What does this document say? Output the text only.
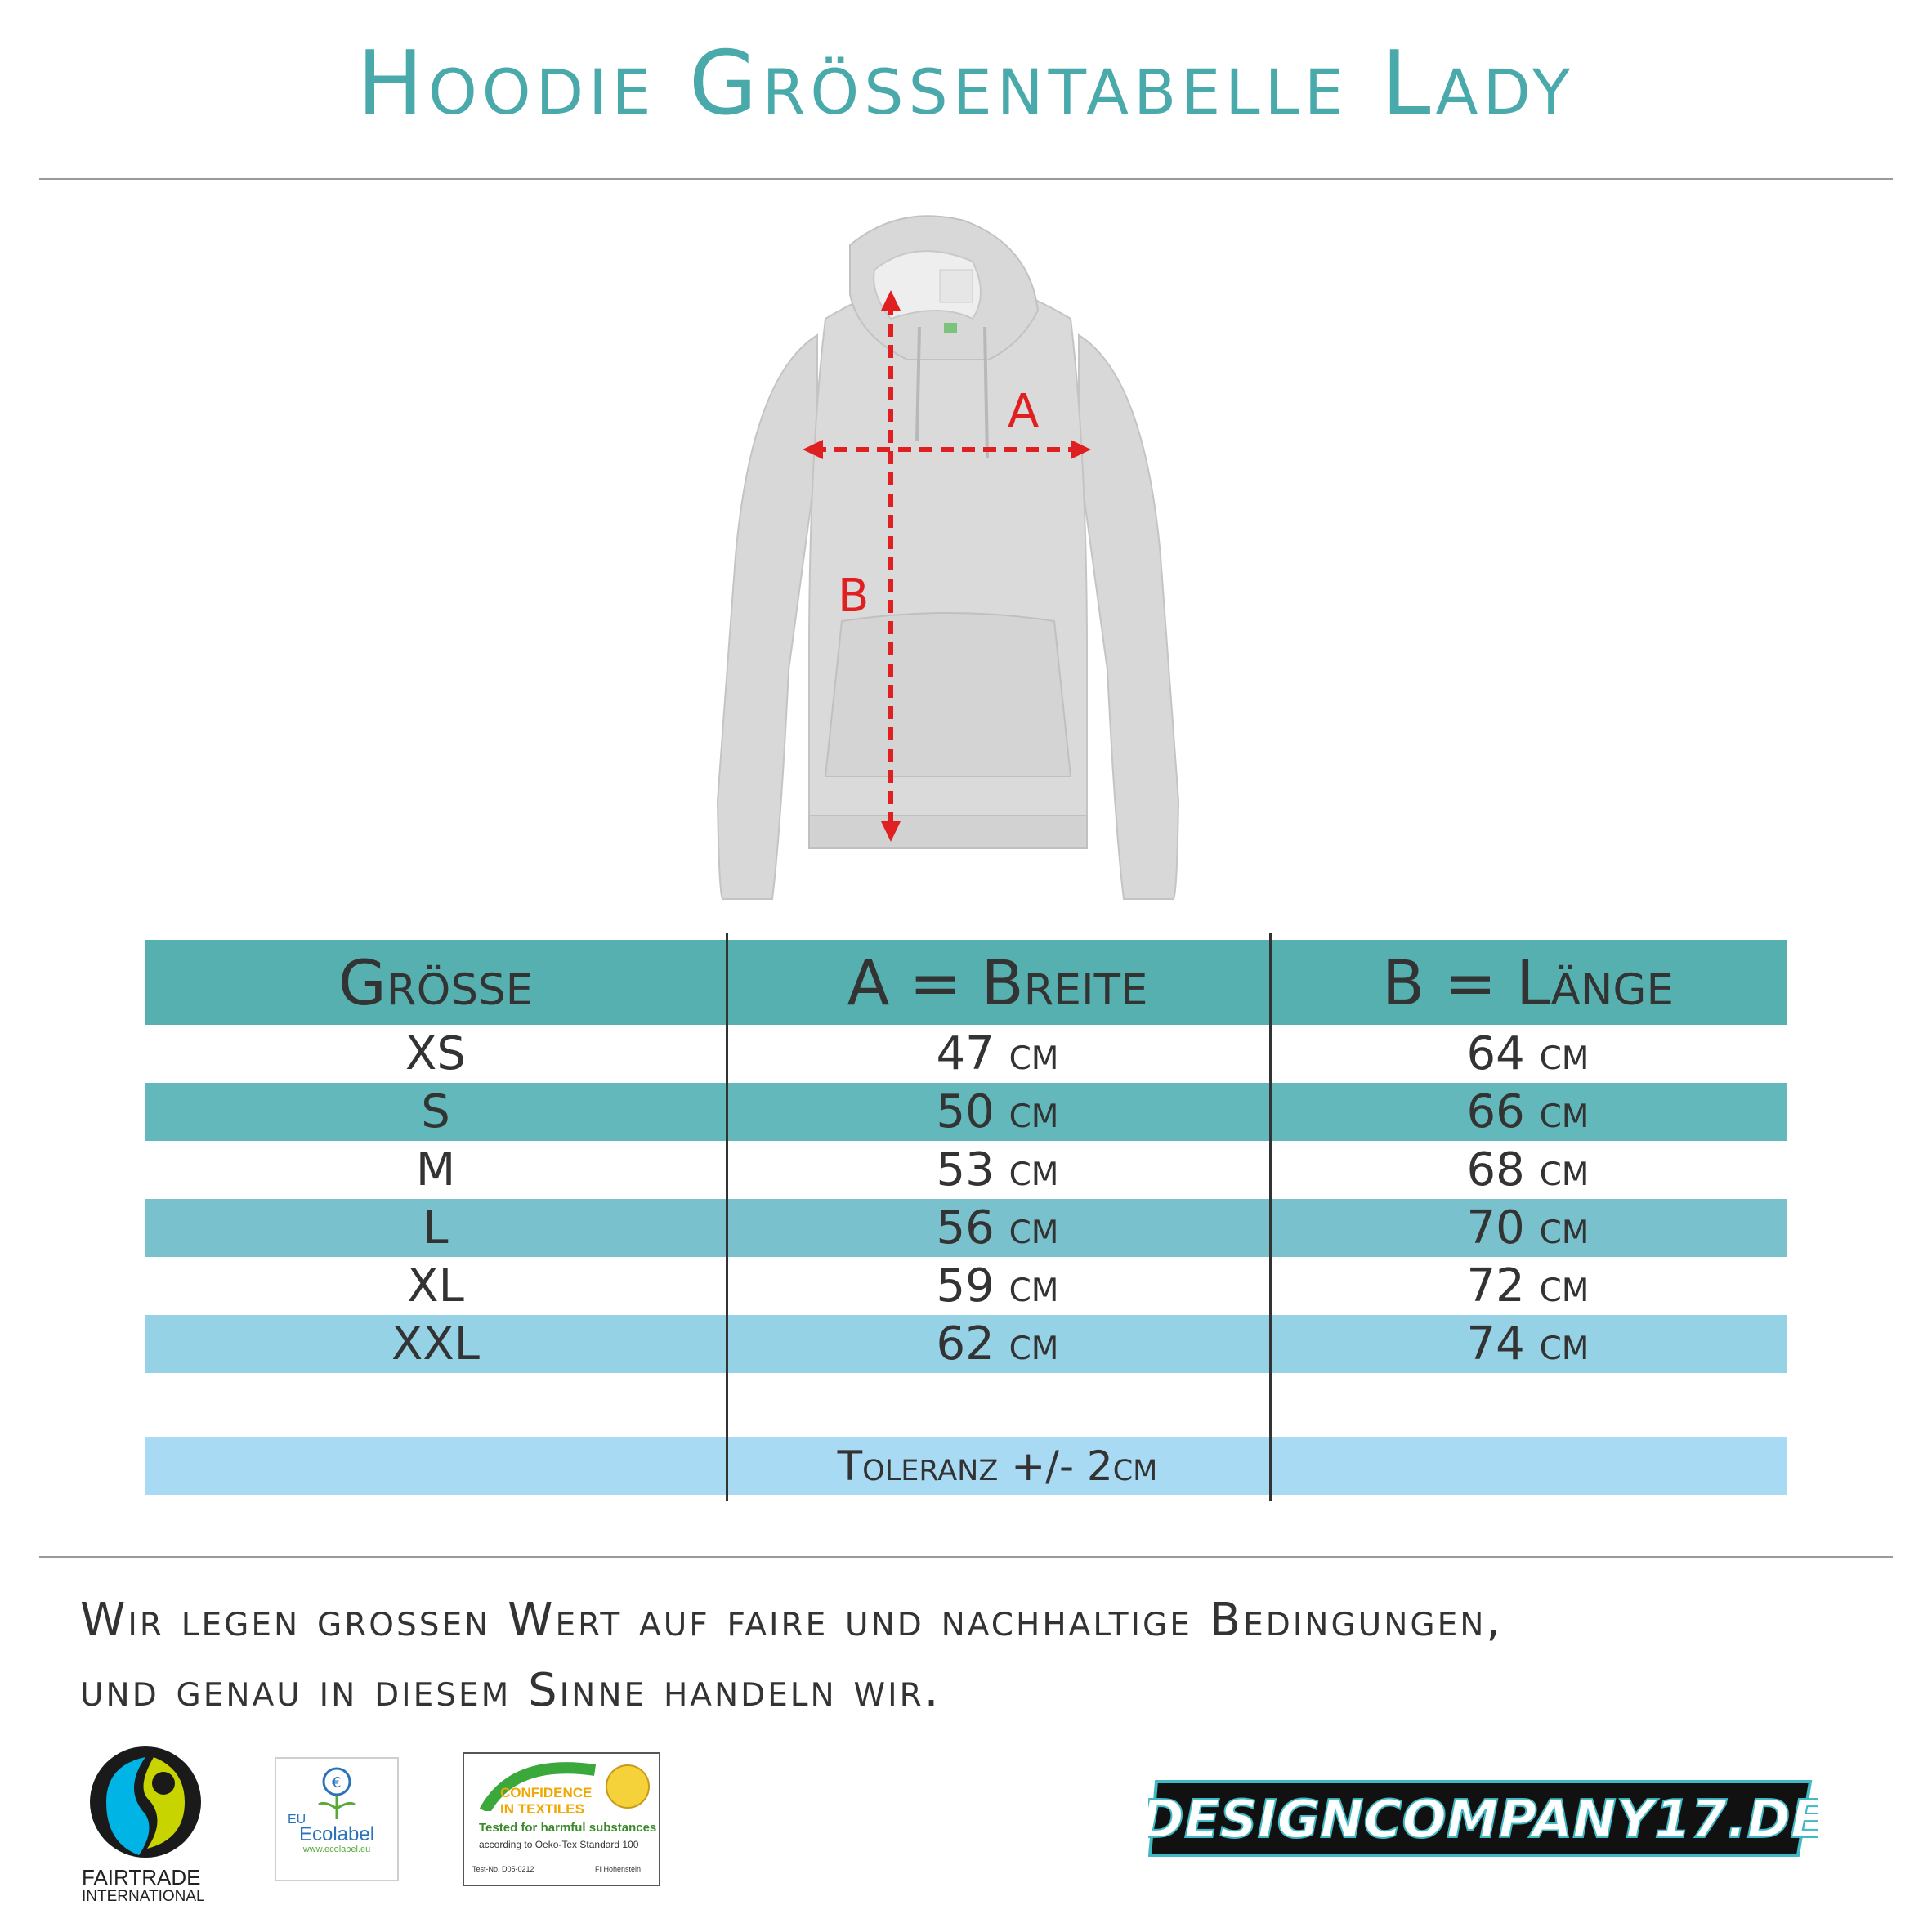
Hoodie Grössentabelle Lady
A
B
Grösse	A = Breite	B = Länge
XS	47 cm	64 cm
S	50 cm	66 cm
M	53 cm	68 cm
L	56 cm	70 cm
XL	59 cm	72 cm
XXL	62 cm	74 cm
Toleranz +/- 2cm
Wir legen grossen Wert auf faire und nachhaltige Bedingungen,
und genau in diesem Sinne handeln wir.
FAIRTRADE
INTERNATIONAL
€
EU
Ecolabel
www.ecolabel.eu
CONFIDENCE
IN TEXTILES
Tested for harmful substances
according to Oeko-Tex Standard 100
Test-No. D05-0212	FI Hohenstein
DESIGNCOMPANY17.DE
